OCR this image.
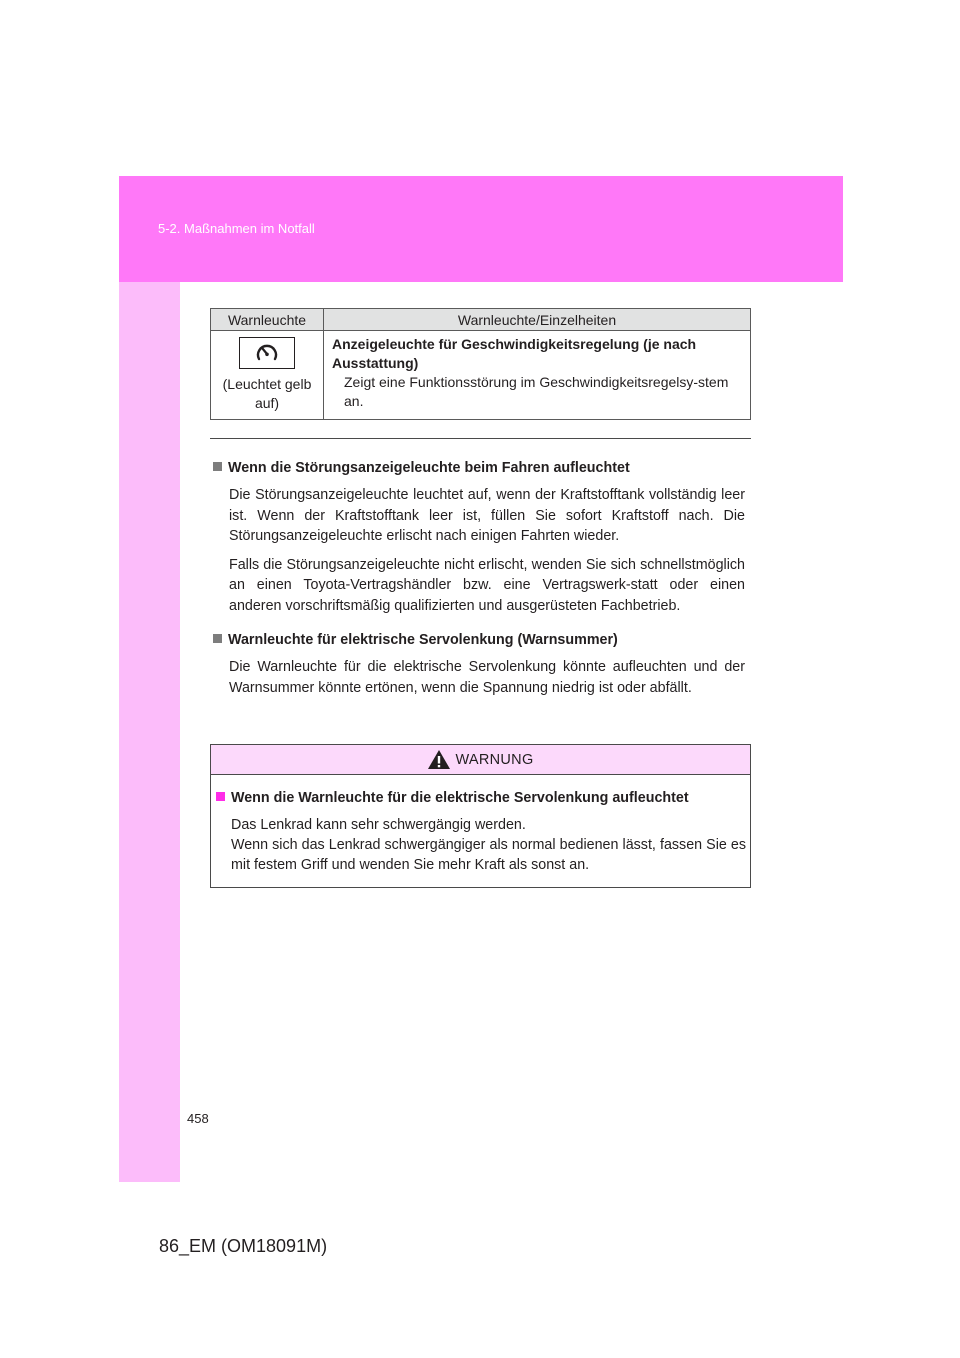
5-2. Maßnahmen im Notfall
Warnleuchte	Warnleuchte/Einzelheiten

(Leuchtet gelb auf)	Anzeigeleuchte für Geschwindigkeitsregelung (je nach Ausstattung)
Zeigt eine Funktionsstörung im Geschwindigkeitsregelsy-stem an.
Wenn die Störungsanzeigeleuchte beim Fahren aufleuchtet

Die Störungsanzeigeleuchte leuchtet auf, wenn der Kraftstofftank vollständig leer ist. Wenn der Kraftstofftank leer ist, füllen Sie sofort Kraftstoff nach. Die Störungsanzeigeleuchte erlischt nach einigen Fahrten wieder.

Falls die Störungsanzeigeleuchte nicht erlischt, wenden Sie sich schnellstmöglich an einen Toyota-Vertragshändler bzw. eine Vertragswerk-statt oder einen anderen vorschriftsmäßig qualifizierten und ausgerüsteten Fachbetrieb.

Warnleuchte für elektrische Servolenkung (Warnsummer)

Die Warnleuchte für die elektrische Servolenkung könnte aufleuchten und der Warnsummer könnte ertönen, wenn die Spannung niedrig ist oder abfällt.

WARNUNG
Wenn die Warnleuchte für die elektrische Servolenkung aufleuchtet

Das Lenkrad kann sehr schwergängig werden.

Wenn sich das Lenkrad schwergängiger als normal bedienen lässt, fassen Sie es mit festem Griff und wenden Sie mehr Kraft als sonst an.

458
86_EM (OM18091M)
